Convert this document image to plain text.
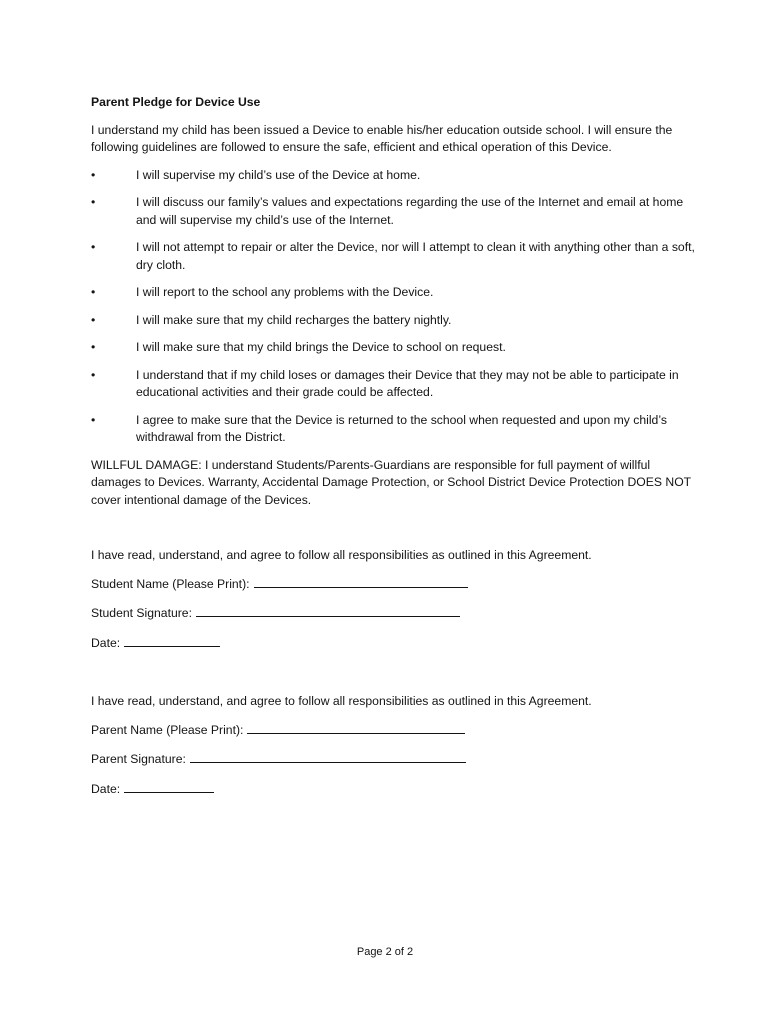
Parent Pledge for Device Use
I understand my child has been issued a Device to enable his/her education outside school. I will ensure the following guidelines are followed to ensure the safe, efficient and ethical operation of this Device.
•	I will supervise my child’s use of the Device at home.
•	I will discuss our family’s values and expectations regarding the use of the Internet and email at home and will supervise my child’s use of the Internet.
•	I will not attempt to repair or alter the Device, nor will I attempt to clean it with anything other than a soft, dry cloth.
•	I will report to the school any problems with the Device.
•	I will make sure that my child recharges the battery nightly.
•	I will make sure that my child brings the Device to school on request.
•	I understand that if my child loses or damages their Device that they may not be able to participate in educational activities and their grade could be affected.
•	I agree to make sure that the Device is returned to the school when requested and upon my child’s withdrawal from the District.
WILLFUL DAMAGE: I understand Students/Parents-Guardians are responsible for full payment of willful damages to Devices. Warranty, Accidental Damage Protection, or School District Device Protection DOES NOT cover intentional damage of the Devices.
I have read, understand, and agree to follow all responsibilities as outlined in this Agreement.
Student Name (Please Print):
Student Signature:
Date:
I have read, understand, and agree to follow all responsibilities as outlined in this Agreement.
Parent Name (Please Print):
Parent Signature:
Date:
Page 2 of 2
